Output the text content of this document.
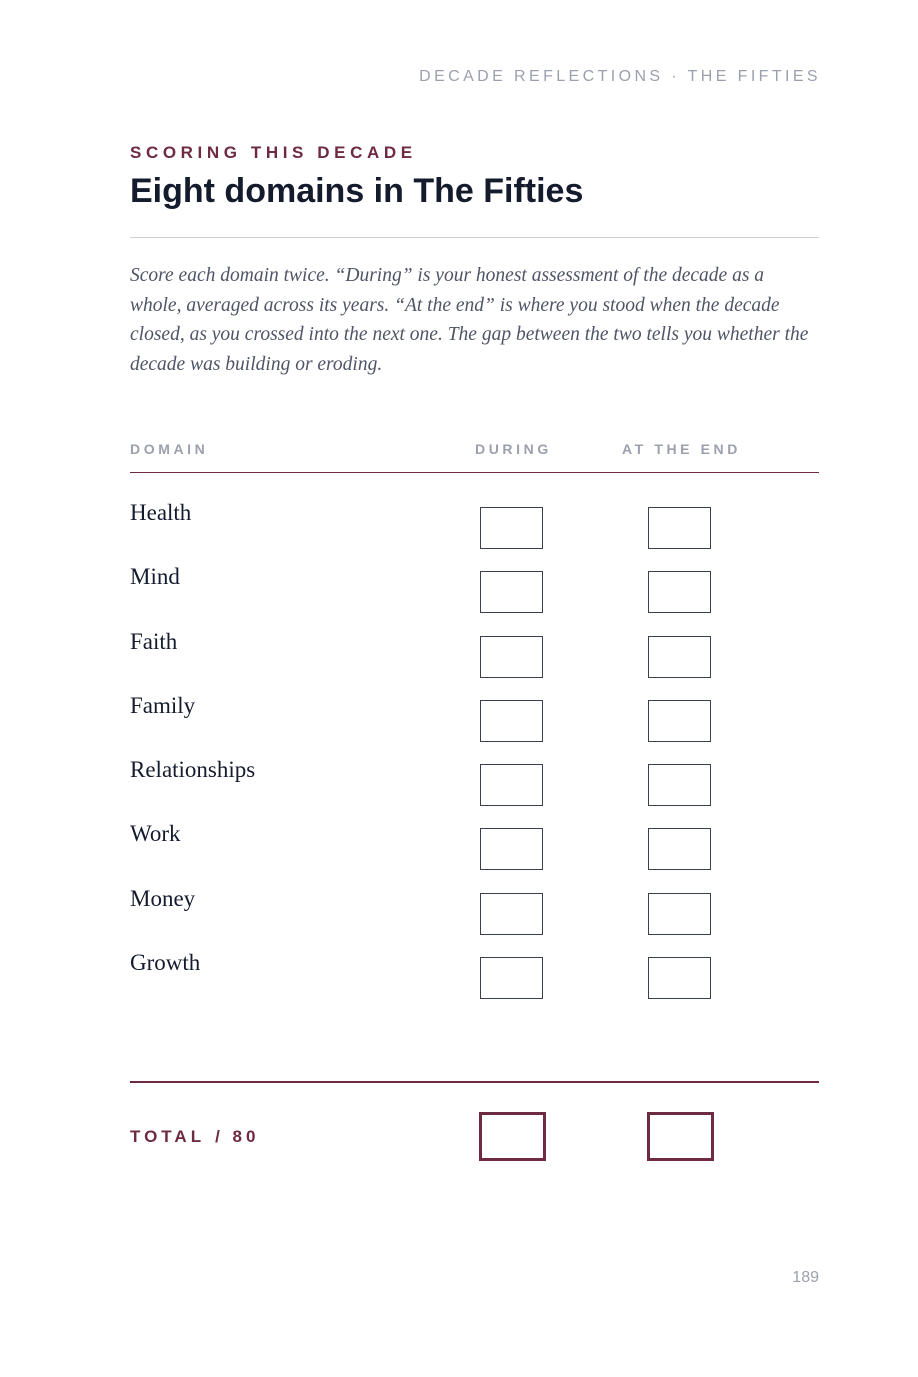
DECADE REFLECTIONS · THE FIFTIES
SCORING THIS DECADE
Eight domains in The Fifties

Score each domain twice. “During” is your honest assessment of the decade as a whole, averaged across its years. “At the end” is where you stood when the decade closed, as you crossed into the next one. The gap between the two tells you whether the decade was building or eroding.

DOMAIN	DURING	AT THE END
Health
Mind
Faith
Family
Relationships
Work
Money
Growth
TOTAL / 80
189
